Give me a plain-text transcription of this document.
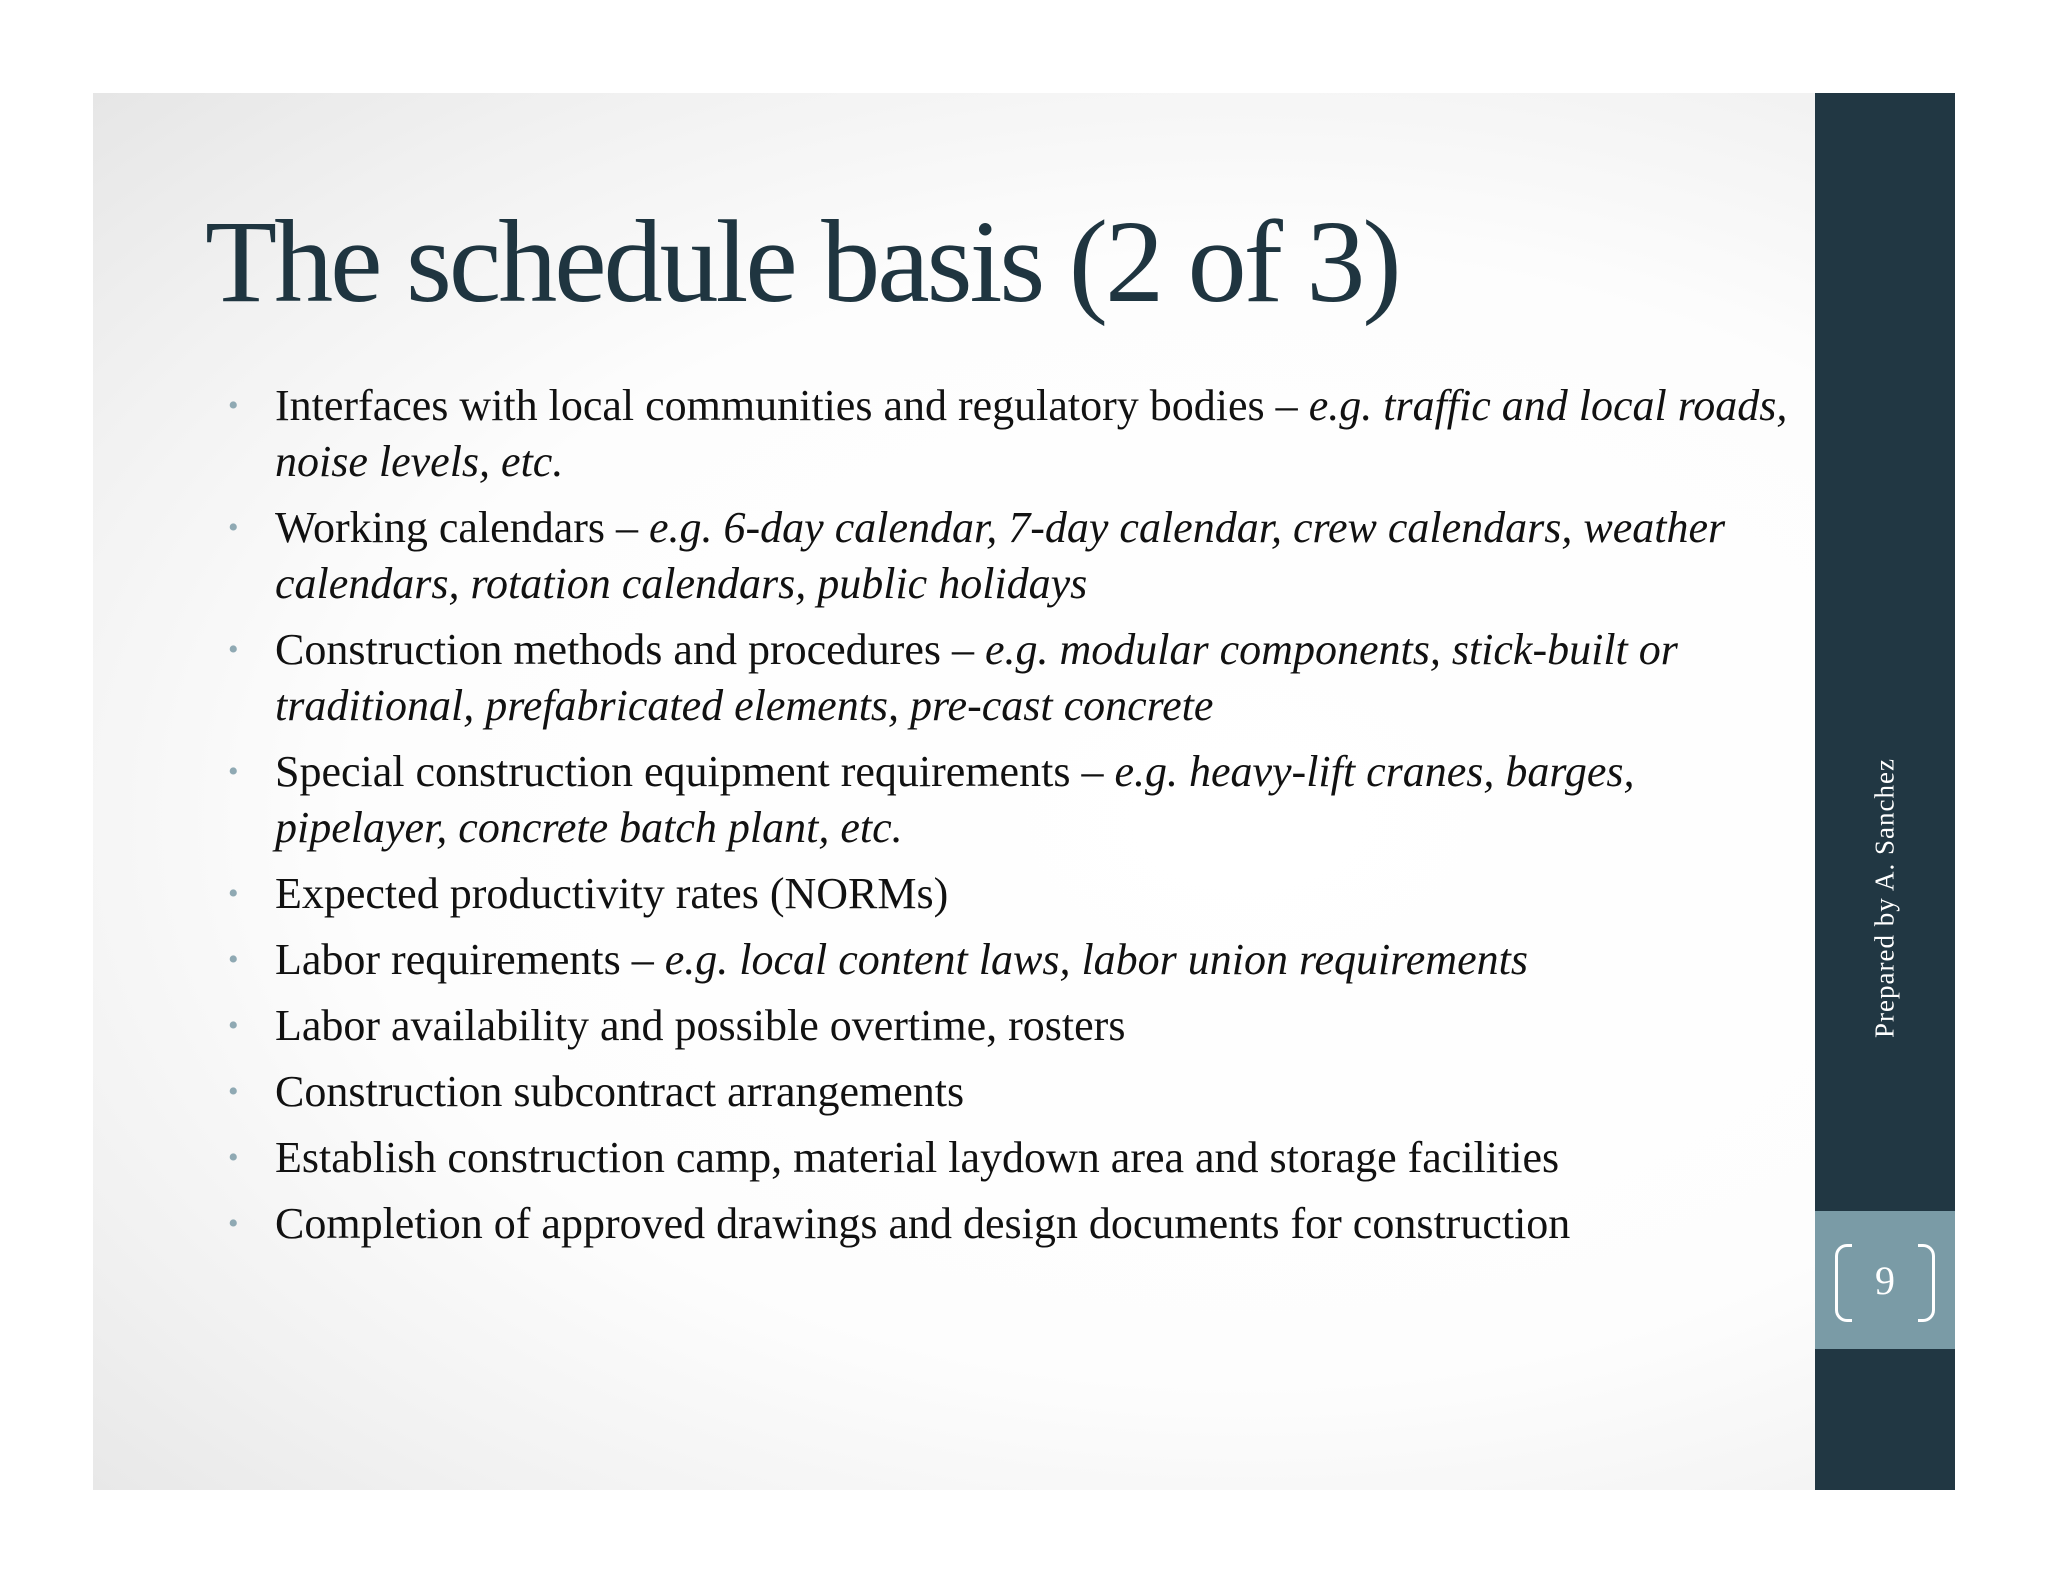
The schedule basis (2 of 3)
• Interfaces with local communities and regulatory bodies – e.g. traffic and local roads, noise levels, etc.
• Working calendars – e.g. 6-day calendar, 7-day calendar, crew calendars, weather calendars, rotation calendars, public holidays
• Construction methods and procedures – e.g. modular components, stick-built or traditional, prefabricated elements, pre-cast concrete
• Special construction equipment requirements – e.g. heavy-lift cranes, barges, pipelayer, concrete batch plant, etc.
• Expected productivity rates (NORMs)
• Labor requirements – e.g. local content laws, labor union requirements
• Labor availability and possible overtime, rosters
• Construction subcontract arrangements
• Establish construction camp, material laydown area and storage facilities
• Completion of approved drawings and design documents for construction
Prepared by A. Sanchez
9
